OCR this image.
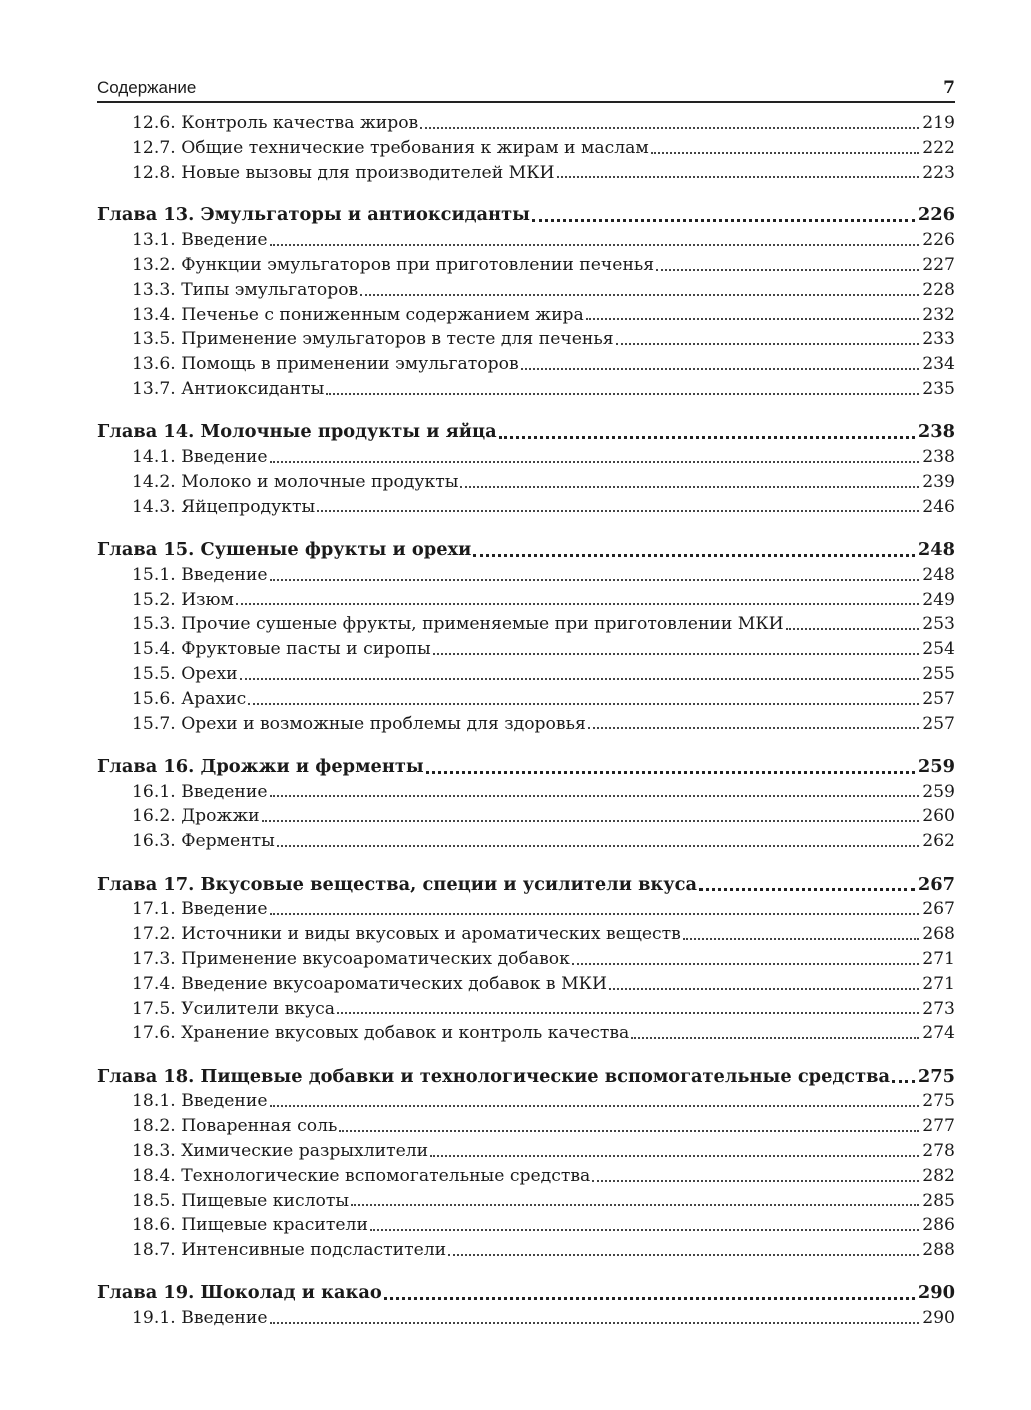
Содержание	7
12.6. Контроль качества жиров	219
12.7. Общие технические требования к жирам и маслам	222
12.8. Новые вызовы для производителей МКИ	223
Глава 13. Эмульгаторы и антиоксиданты	226
13.1. Введение	226
13.2. Функции эмульгаторов при приготовлении печенья	227
13.3. Типы эмульгаторов	228
13.4. Печенье с пониженным содержанием жира	232
13.5. Применение эмульгаторов в тесте для печенья	233
13.6. Помощь в применении эмульгаторов	234
13.7. Антиоксиданты	235
Глава 14. Молочные продукты и яйца	238
14.1. Введение	238
14.2. Молоко и молочные продукты	239
14.3. Яйцепродукты	246
Глава 15. Сушеные фрукты и орехи	248
15.1. Введение	248
15.2. Изюм	249
15.3. Прочие сушеные фрукты, применяемые при приготовлении МКИ	253
15.4. Фруктовые пасты и сиропы	254
15.5. Орехи	255
15.6. Арахис	257
15.7. Орехи и возможные проблемы для здоровья	257
Глава 16. Дрожжи и ферменты	259
16.1. Введение	259
16.2. Дрожжи	260
16.3. Ферменты	262
Глава 17. Вкусовые вещества, специи и усилители вкуса	267
17.1. Введение	267
17.2. Источники и виды вкусовых и ароматических веществ	268
17.3. Применение вкусоароматических добавок	271
17.4. Введение вкусоароматических добавок в МКИ	271
17.5. Усилители вкуса	273
17.6. Хранение вкусовых добавок и контроль качества	274
Глава 18. Пищевые добавки и технологические вспомогательные средства 275
18.1. Введение	275
18.2. Поваренная соль	277
18.3. Химические разрыхлители	278
18.4. Технологические вспомогательные средства	282
18.5. Пищевые кислоты	285
18.6. Пищевые красители	286
18.7. Интенсивные подсластители	288
Глава 19. Шоколад и какао	290
19.1. Введение	290
